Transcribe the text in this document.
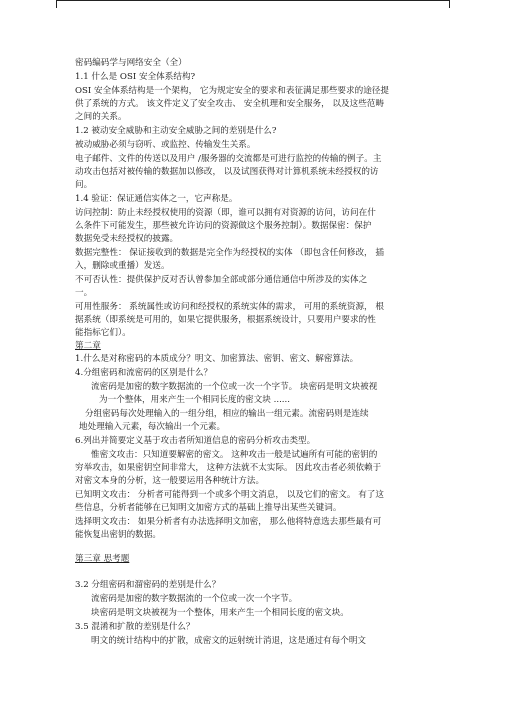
密码编码学与网络安全（全）
1.1 什么是 OSI 安全体系结构?
OSI 安全体系结构是一个架构， 它为规定安全的要求和表征满足那些要求的途径提
供了系统的方式。 该文件定义了安全攻击、 安全机理和安全服务， 以及这些范畴
之间的关系。
1.2 被动安全威胁和主动安全威胁之间的差别是什么?
被动威胁必须与窃听、或监控、传输发生关系。
电子邮件、文件的传送以及用户 /服务器的交流都是可进行监控的传输的例子。主
动攻击包括对被传输的数据加以修改， 以及试图获得对计算机系统未经授权的访
问。
1.4 验证：保证通信实体之一，它声称是。
访问控制：防止未经授权使用的资源（即，谁可以拥有对资源的访问，访问在什
么条件下可能发生，那些被允许访问的资源做这个服务控制）。数据保密：保护
数据免受未经授权的披露。
数据完整性： 保证接收到的数据是完全作为经授权的实体 （即包含任何修改， 插
入，删除或重播）发送。
不可否认性：提供保护反对否认曾参加全部或部分通信通信中所涉及的实体之
一。
可用性服务： 系统属性或访问和经授权的系统实体的需求， 可用的系统资源， 根
据系统（即系统是可用的，如果它提供服务，根据系统设计，只要用户要求的性
能指标它们）。
第二章
1.什么是对称密码的本质成分？明文、加密算法、密钥、密文、解密算法。
4.分组密码和流密码的区别是什么？
流密码是加密的数字数据流的一个位或一次一个字节。 块密码是明文块被视
为一个整体，用来产生一个相同长度的密文块 ......
分组密码每次处理输入的一组分组，相应的输出一组元素。流密码则是连续
地处理输入元素，每次输出一个元素。
6.列出并简要定义基于攻击者所知道信息的密码分析攻击类型。
惟密文攻击：只知道要解密的密文。 这种攻击一般是试遍所有可能的密钥的
穷举攻击，如果密钥空间非常大， 这种方法就不太实际。 因此攻击者必须依赖于
对密文本身的分析，这一般要运用各种统计方法。
已知明文攻击： 分析者可能得到一个或多个明文消息， 以及它们的密文。 有了这
些信息，分析者能够在已知明文加密方式的基础上推导出某些关键词。
选择明文攻击： 如果分析者有办法选择明文加密， 那么他将特意选去那些最有可
能恢复出密钥的数据。
第三章 思考题
3.2 分组密码和溜密码的差别是什么？
流密码是加密的数字数据流的一个位或一次一个字节。
块密码是明文块被视为一个整体，用来产生一个相同长度的密文块。
3.5 混淆和扩散的差别是什么？
明文的统计结构中的扩散，成密文的远射统计消退，这是通过有每个明文
